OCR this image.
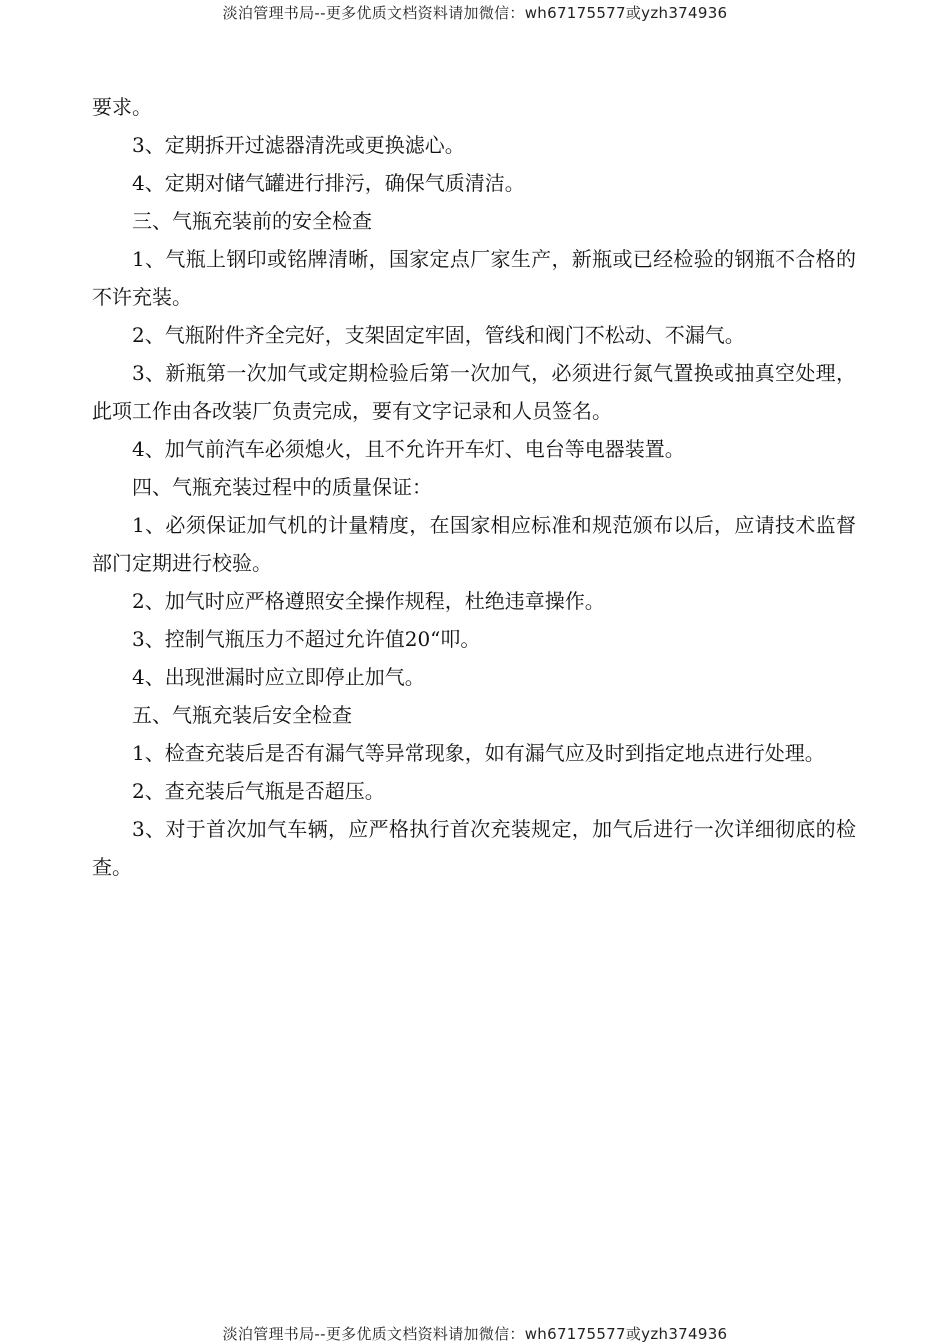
淡泊管理书局--更多优质文档资料请加微信：wh67175577或yzh374936

要求。

3、定期拆开过滤器清洗或更换滤心。

4、定期对储气罐进行排污，确保气质清洁。

三、气瓶充装前的安全检查

1、气瓶上钢印或铭牌清晰，国家定点厂家生产，新瓶或已经检验的钢瓶不合格的不许充装。

2、气瓶附件齐全完好，支架固定牢固，管线和阀门不松动、不漏气。

3、新瓶第一次加气或定期检验后第一次加气，必须进行氮气置换或抽真空处理，此项工作由各改装厂负责完成，要有文字记录和人员签名。

4、加气前汽车必须熄火，且不允许开车灯、电台等电器装置。

四、气瓶充装过程中的质量保证：

1、必须保证加气机的计量精度，在国家相应标准和规范颁布以后，应请技术监督部门定期进行校验。

2、加气时应严格遵照安全操作规程，杜绝违章操作。

3、控制气瓶压力不超过允许值20“叩。

4、出现泄漏时应立即停止加气。

五、气瓶充装后安全检查

1、检查充装后是否有漏气等异常现象，如有漏气应及时到指定地点进行处理。

2、查充装后气瓶是否超压。

3、对于首次加气车辆，应严格执行首次充装规定，加气后进行一次详细彻底的检查。

淡泊管理书局--更多优质文档资料请加微信：wh67175577或yzh374936
